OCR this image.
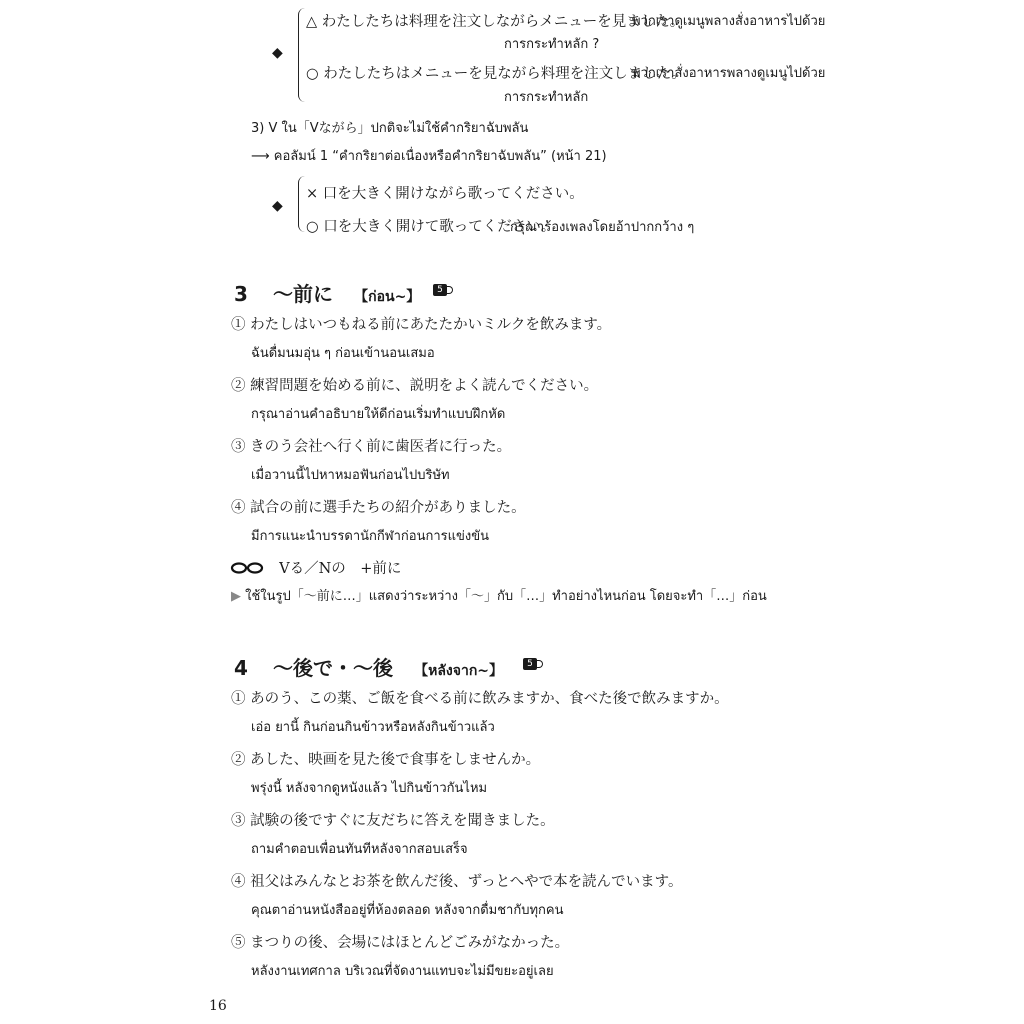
◆
△ わたしたちは料理を注文しながらメニューを見ました。
พวกเราดูเมนูพลางสั่งอาหารไปด้วย
การกระทำหลัก ?
○ わたしたちはメニューを見ながら料理を注文しました。
พวกเราสั่งอาหารพลางดูเมนูไปด้วย
การกระทำหลัก
3) V ใน「Vながら」ปกติจะไม่ใช้คำกริยาฉับพลัน
⟶ คอลัมน์ 1 “คำกริยาต่อเนื่องหรือคำกริยาฉับพลัน” (หน้า 21)
◆
× 口を大きく開けながら歌ってください。
○ 口を大きく開けて歌ってください。
กรุณาร้องเพลงโดยอ้าปากกว้าง ๆ
3 ～前に 【ก่อน~】	5
① わたしはいつもねる前にあたたかいミルクを飲みます。
ฉันดื่มนมอุ่น ๆ ก่อนเข้านอนเสมอ
② 練習問題を始める前に、説明をよく読んでください。
กรุณาอ่านคำอธิบายให้ดีก่อนเริ่มทำแบบฝึกหัด
③ きのう会社へ行く前に歯医者に行った。
เมื่อวานนี้ไปหาหมอฟันก่อนไปบริษัท
④ 試合の前に選手たちの紹介がありました。
มีการแนะนำบรรดานักกีฬาก่อนการแข่งขัน
Vる／Nの　+前に
▶ ใช้ในรูป「～前に…」แสดงว่าระหว่าง「～」กับ「…」ทำอย่างไหนก่อน โดยจะทำ「…」ก่อน
4 ～後で・～後 【หลังจาก~】	5
① あのう、この薬、ご飯を食べる前に飲みますか、食べた後で飲みますか。
เอ่อ ยานี้ กินก่อนกินข้าวหรือหลังกินข้าวแล้ว
② あした、映画を見た後で食事をしませんか。
พรุ่งนี้ หลังจากดูหนังแล้ว ไปกินข้าวกันไหม
③ 試験の後ですぐに友だちに答えを聞きました。
ถามคำตอบเพื่อนทันทีหลังจากสอบเสร็จ
④ 祖父はみんなとお茶を飲んだ後、ずっとへやで本を読んでいます。
คุณตาอ่านหนังสืออยู่ที่ห้องตลอด หลังจากดื่มชากับทุกคน
⑤ まつりの後、会場にはほとんどごみがなかった。
หลังงานเทศกาล บริเวณที่จัดงานแทบจะไม่มีขยะอยู่เลย
16
